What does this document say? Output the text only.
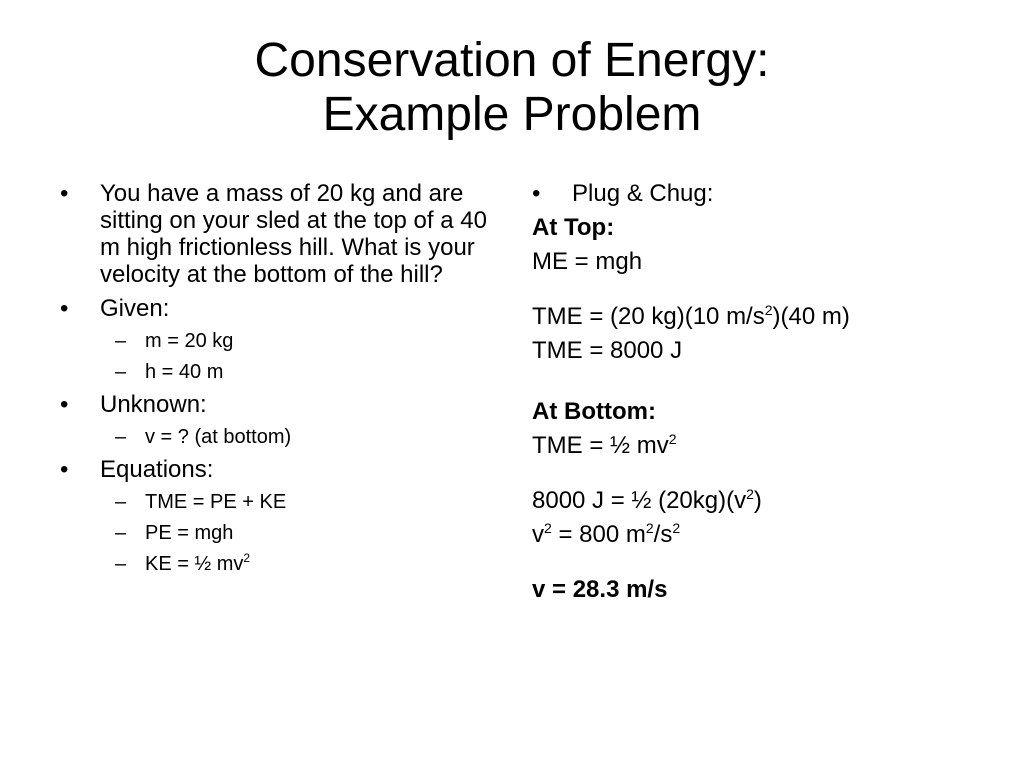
Conservation of Energy:
Example Problem
•	You have a mass of 20 kg and are sitting on your sled at the top of a 40 m high frictionless hill. What is your velocity at the bottom of the hill?
•	Given:
– m = 20 kg
– h = 40 m
•	Unknown:
– v = ? (at bottom)
•	Equations:
– TME = PE + KE
– PE = mgh
– KE = ½ $mv^2$
•	Plug & Chug:
At Top:
ME = mgh
TME = (20 kg)(10 $m/s^2)(40$ m)
TME = 8000 J
At Bottom:
TME = ½ $mv^2$
8000 J = ½ $(20kg)(v^2)$
$v^2 = 800$ $m^2/s^2$
v = 28.3 m/s
